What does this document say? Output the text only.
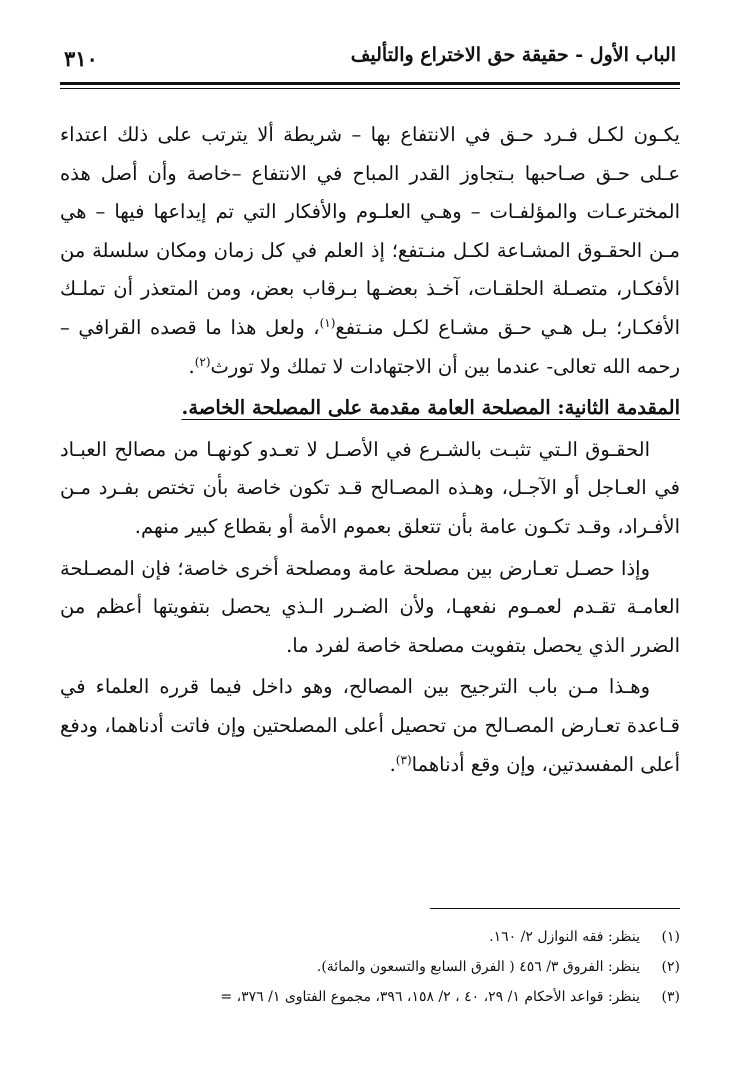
الباب الأول - حقيقة حق الاختراع والتأليف
٣١٠

يكـون لكـل فـرد حـق في الانتفاع بها – شريطة ألا يترتب على ذلك اعتداء عـلى حـق صـاحبها بـتجاوز القدر المباح في الانتفاع –خاصة وأن أصل هذه المخترعـات والمؤلفـات – وهـي العلـوم والأفكار التي تم إيداعها فيها – هي مـن الحقـوق المشـاعة لكـل منـتفع؛ إذ العلم في كل زمان ومكان سلسلة من الأفكـار، متصـلة الحلقـات، آخـذ بعضـها بـرقاب بعض، ومن المتعذر أن تملـك الأفكـار؛ بـل هـي حـق مشـاع لكـل منـتفع$^{(١)}$، ولعل هذا ما قصده القرافي –رحمه الله تعالى- عندما بين أن الاجتهادات لا تملك ولا تورث$^{(٢)}$.

المقدمة الثانية: المصلحة العامة مقدمة على المصلحة الخاصة.

الحقـوق الـتي تثبـت بالشـرع في الأصـل لا تعـدو كونهـا من مصالح العبـاد في العـاجل أو الآجـل، وهـذه المصـالح قـد تكون خاصة بأن تختص بفـرد مـن الأفـراد، وقـد تكـون عامة بأن تتعلق بعموم الأمة أو بقطاع كبير منهم.

وإذا حصـل تعـارض بين مصلحة عامة ومصلحة أخرى خاصة؛ فإن المصـلحة العامـة تقـدم لعمـوم نفعهـا، ولأن الضـرر الـذي يحصل بتفويتها أعظم من الضرر الذي يحصل بتفويت مصلحة خاصة لفرد ما.

وهـذا مـن باب الترجيح بين المصالح، وهو داخل فيما قرره العلماء في قـاعدة تعـارض المصـالح من تحصيل أعلى المصلحتين وإن فاتت أدناهما، ودفع أعلى المفسدتين، وإن وقع أدناهما$^{(٣)}$.

(١)ينظر: فقه النوازل ٢/ ١٦٠.
(٢)ينظر: الفروق ٣/ ٤٥٦ ( الفرق السابع والتسعون والمائة).
(٣)ينظر: قواعد الأحكام ١/ ٢٩، ٤٠ ، ٢/ ١٥٨، ٣٩٦، مجموع الفتاوى ١/ ٣٧٦، =
